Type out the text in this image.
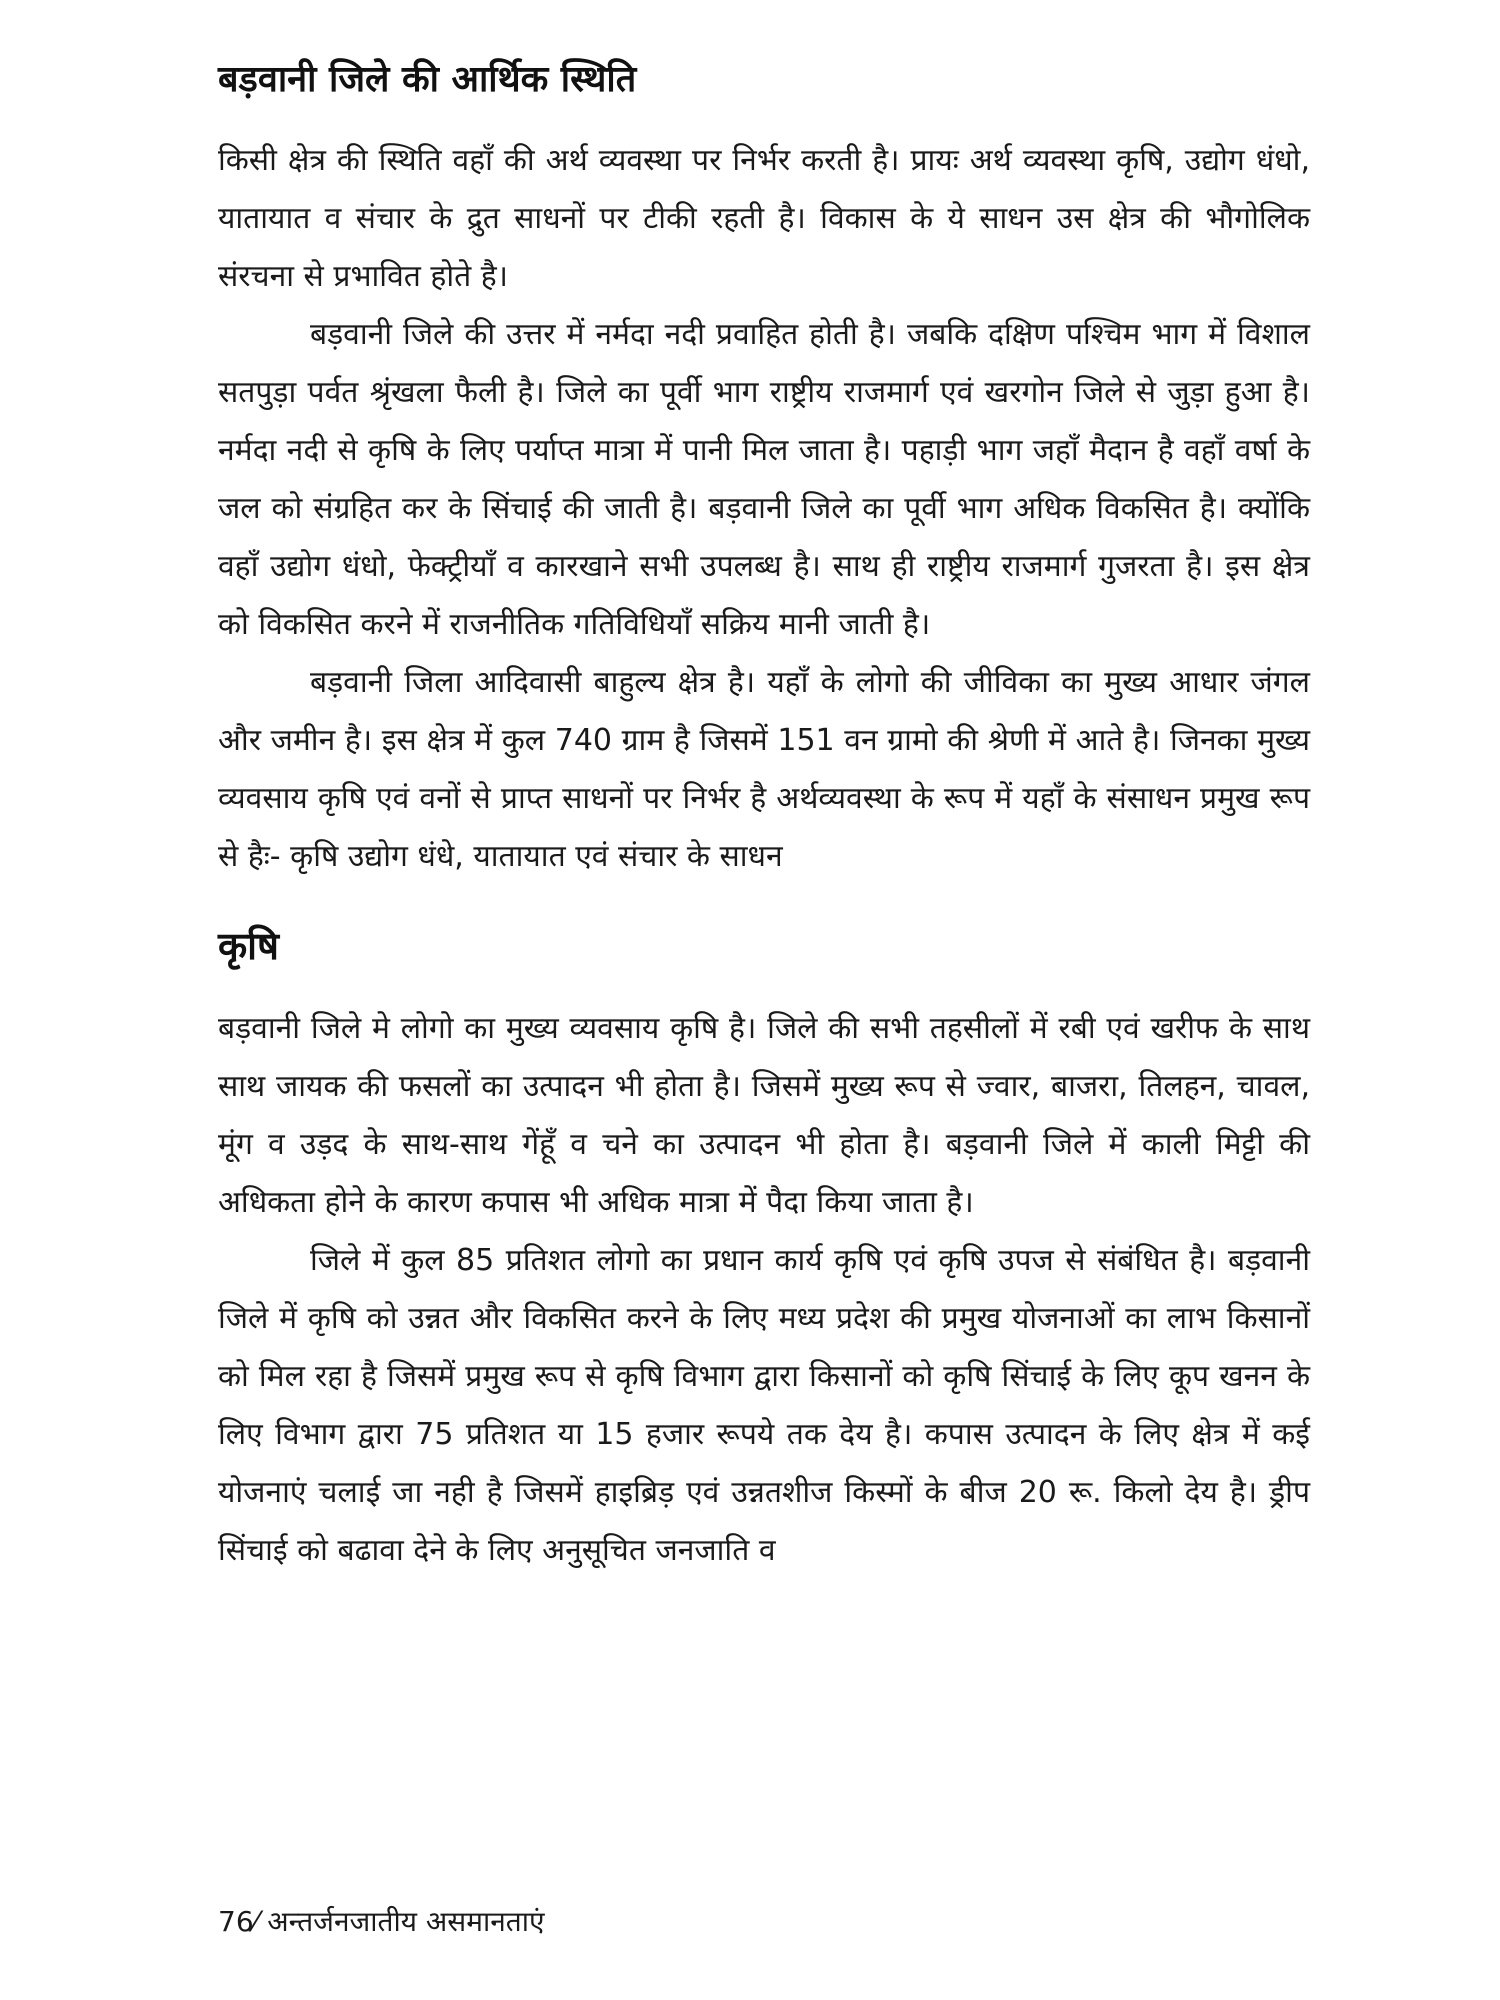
बड़वानी जिले की आर्थिक स्थिति

किसी क्षेत्र की स्थिति वहाँ की अर्थ व्यवस्था पर निर्भर करती है। प्रायः अर्थ व्यवस्था कृषि, उद्योग धंधो, यातायात व संचार के द्रुत साधनों पर टीकी रहती है। विकास के ये साधन उस क्षेत्र की भौगोलिक संरचना से प्रभावित होते है।

बड़वानी जिले की उत्तर में नर्मदा नदी प्रवाहित होती है। जबकि दक्षिण पश्चिम भाग में विशाल सतपुड़ा पर्वत श्रृंखला फैली है। जिले का पूर्वी भाग राष्ट्रीय राजमार्ग एवं खरगोन जिले से जुड़ा हुआ है। नर्मदा नदी से कृषि के लिए पर्याप्त मात्रा में पानी मिल जाता है। पहाड़ी भाग जहाँ मैदान है वहाँ वर्षा के जल को संग्रहित कर के सिंचाई की जाती है। बड़वानी जिले का पूर्वी भाग अधिक विकसित है। क्योंकि वहाँ उद्योग धंधो, फेक्ट्रीयाँ व कारखाने सभी उपलब्ध है। साथ ही राष्ट्रीय राजमार्ग गुजरता है। इस क्षेत्र को विकसित करने में राजनीतिक गतिविधियाँ सक्रिय मानी जाती है।

बड़वानी जिला आदिवासी बाहुल्य क्षेत्र है। यहाँ के लोगो की जीविका का मुख्य आधार जंगल और जमीन है। इस क्षेत्र में कुल 740 ग्राम है जिसमें 151 वन ग्रामो की श्रेणी में आते है। जिनका मुख्य व्यवसाय कृषि एवं वनों से प्राप्त साधनों पर निर्भर है अर्थव्यवस्था के रूप में यहाँ के संसाधन प्रमुख रूप से हैः- कृषि उद्योग धंधे, यातायात एवं संचार के साधन

कृषि

बड़वानी जिले मे लोगो का मुख्य व्यवसाय कृषि है। जिले की सभी तहसीलों में रबी एवं खरीफ के साथ साथ जायक की फसलों का उत्पादन भी होता है। जिसमें मुख्य रूप से ज्वार, बाजरा, तिलहन, चावल, मूंग व उड़द के साथ-साथ गेंहूँ व चने का उत्पादन भी होता है। बड़वानी जिले में काली मिट्टी की अधिकता होने के कारण कपास भी अधिक मात्रा में पैदा किया जाता है।

जिले में कुल 85 प्रतिशत लोगो का प्रधान कार्य कृषि एवं कृषि उपज से संबंधित है। बड़वानी जिले में कृषि को उन्नत और विकसित करने के लिए मध्य प्रदेश की प्रमुख योजनाओं का लाभ किसानों को मिल रहा है जिसमें प्रमुख रूप से कृषि विभाग द्वारा किसानों को कृषि सिंचाई के लिए कूप खनन के लिए विभाग द्वारा 75 प्रतिशत या 15 हजार रूपये तक देय है। कपास उत्पादन के लिए क्षेत्र में कई योजनाएं चलाई जा नही है जिसमें हाइब्रिड़ एवं उन्नतशीज किस्मों के बीज 20 रू. किलो देय है। ड्रीप सिंचाई को बढावा देने के लिए अनुसूचित जनजाति व

76⁄ अन्तर्जनजातीय असमानताएं
